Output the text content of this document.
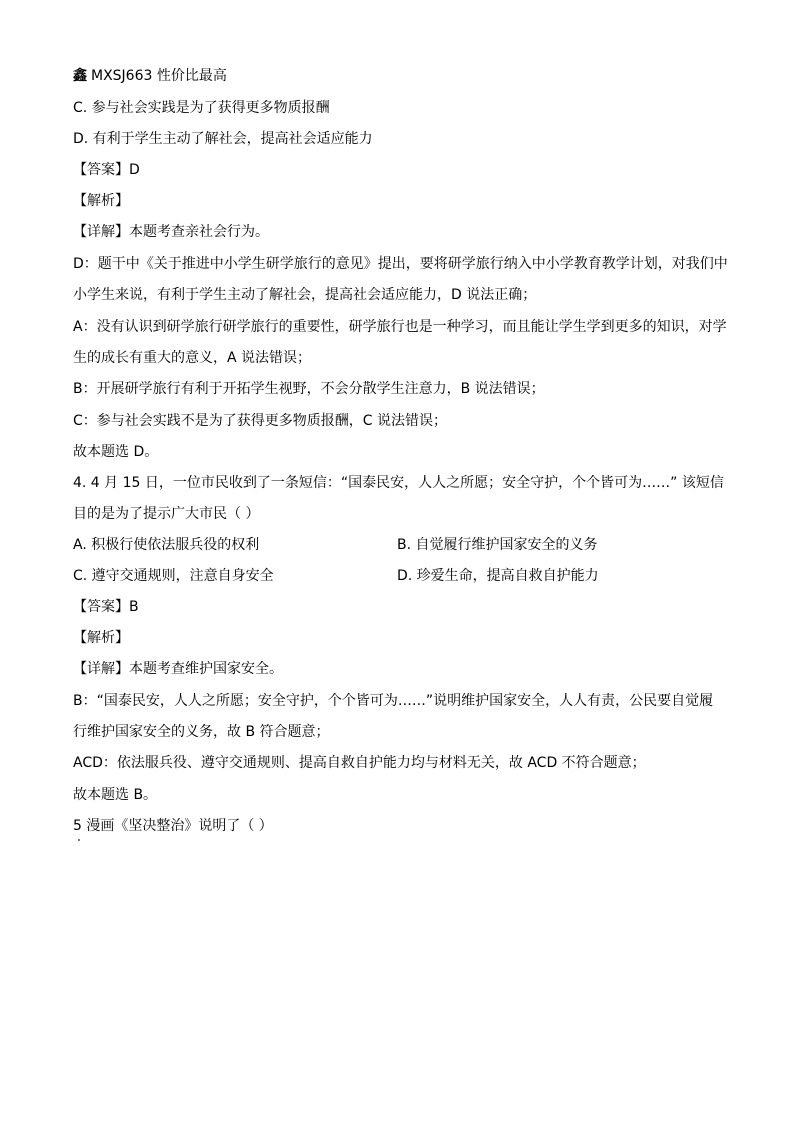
鑫 MXSJ663 性价比最高
C. 参与社会实践是为了获得更多物质报酬
D. 有利于学生主动了解社会，提高社会适应能力
【答案】D
【解析】
【详解】本题考查亲社会行为。
D：题干中《关于推进中小学生研学旅行的意见》提出，要将研学旅行纳入中小学教育教学计划，对我们中
小学生来说，有利于学生主动了解社会，提高社会适应能力，D 说法正确；
A：没有认识到研学旅行研学旅行的重要性，研学旅行也是一种学习，而且能让学生学到更多的知识，对学
生的成长有重大的意义，A 说法错误；
B：开展研学旅行有利于开拓学生视野，不会分散学生注意力，B 说法错误；
C：参与社会实践不是为了获得更多物质报酬，C 说法错误；
故本题选 D。
4. 4 月 15 日，一位市民收到了一条短信：“国泰民安，人人之所愿；安全守护，个个皆可为……” 该短信
目的是为了提示广大市民（ ）
A. 积极行使依法服兵役的权利	B. 自觉履行维护国家安全的义务
C. 遵守交通规则，注意自身安全	D. 珍爱生命，提高自救自护能力
【答案】B
【解析】
【详解】本题考查维护国家安全。
B：“国泰民安，人人之所愿；安全守护，个个皆可为……”说明维护国家安全，人人有责，公民要自觉履
行维护国家安全的义务，故 B 符合题意；
ACD：依法服兵役、遵守交通规则、提高自救自护能力均与材料无关，故 ACD 不符合题意；
故本题选 B。
5 漫画《坚决整治》说明了（ ）
